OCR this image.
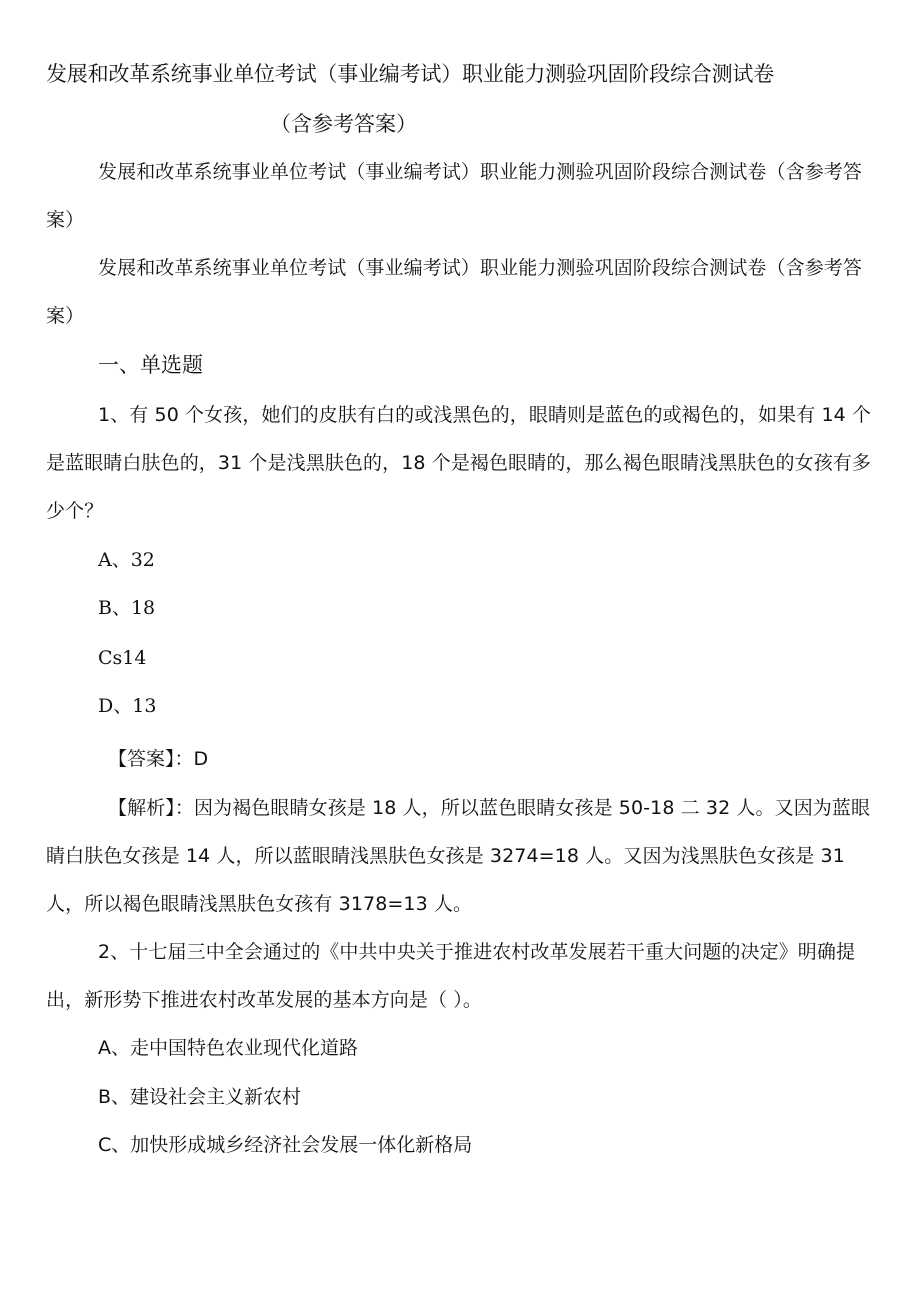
发展和改革系统事业单位考试（事业编考试）职业能力测验巩固阶段综合测试卷
（含参考答案）
发展和改革系统事业单位考试（事业编考试）职业能力测验巩固阶段综合测试卷（含参考答案）
发展和改革系统事业单位考试（事业编考试）职业能力测验巩固阶段综合测试卷（含参考答案）
一、单选题
1、有 50 个女孩，她们的皮肤有白的或浅黑色的，眼睛则是蓝色的或褐色的，如果有 14 个是蓝眼睛白肤色的，31 个是浅黑肤色的，18 个是褐色眼睛的，那么褐色眼睛浅黑肤色的女孩有多少个？
A、32
B、18
Cs14
D、13
【答案】：D
【解析】：因为褐色眼睛女孩是 18 人，所以蓝色眼睛女孩是 50-18 二 32 人。又因为蓝眼睛白肤色女孩是 14 人，所以蓝眼睛浅黑肤色女孩是 3274=18 人。又因为浅黑肤色女孩是 31 人，所以褐色眼睛浅黑肤色女孩有 3178=13 人。
2、十七届三中全会通过的《中共中央关于推进农村改革发展若干重大问题的决定》明确提出，新形势下推进农村改革发展的基本方向是（ ）。
A、走中国特色农业现代化道路
B、建设社会主义新农村
C、加快形成城乡经济社会发展一体化新格局
